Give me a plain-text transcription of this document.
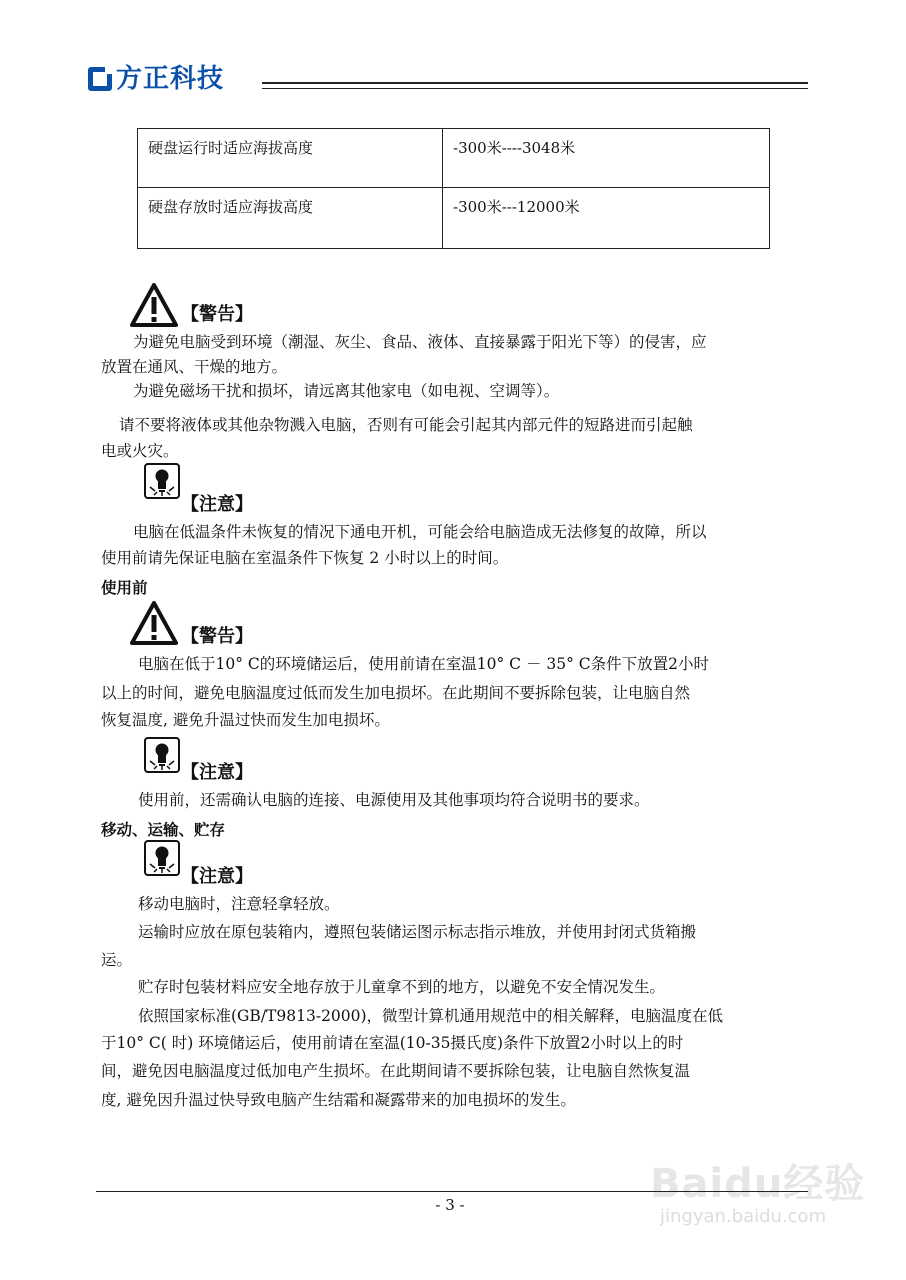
方正科技
硬盘运行时适应海拔高度	-300米----3048米
硬盘存放时适应海拔高度	-300米---12000米
【警告】
为避免电脑受到环境（潮湿、灰尘、食品、液体、直接暴露于阳光下等）的侵害，应
放置在通风、干燥的地方。
为避免磁场干扰和损坏，请远离其他家电（如电视、空调等）。
请不要将液体或其他杂物溅入电脑，否则有可能会引起其内部元件的短路进而引起触
电或火灾。
【注意】
电脑在低温条件未恢复的情况下通电开机，可能会给电脑造成无法修复的故障，所以
使用前请先保证电脑在室温条件下恢复 2 小时以上的时间。
使用前
【警告】
电脑在低于10° C的环境储运后，使用前请在室温10° C － 35° C条件下放置2小时
以上的时间，避免电脑温度过低而发生加电损坏。在此期间不要拆除包装，让电脑自然
恢复温度, 避免升温过快而发生加电损坏。
【注意】
使用前，还需确认电脑的连接、电源使用及其他事项均符合说明书的要求。
移动、运输、贮存
【注意】
移动电脑时，注意轻拿轻放。
运输时应放在原包装箱内，遵照包装储运图示标志指示堆放，并使用封闭式货箱搬
运。
贮存时包装材料应安全地存放于儿童拿不到的地方，以避免不安全情况发生。
依照国家标准(GB/T9813-2000)，微型计算机通用规范中的相关解释，电脑温度在低
于10° C( 时) 环境储运后，使用前请在室温(10-35摄氏度)条件下放置2小时以上的时
间，避免因电脑温度过低加电产生损坏。在此期间请不要拆除包装，让电脑自然恢复温
度, 避免因升温过快导致电脑产生结霜和凝露带来的加电损坏的发生。
Baidu经验
jingyan.baidu.com
- 3 -
